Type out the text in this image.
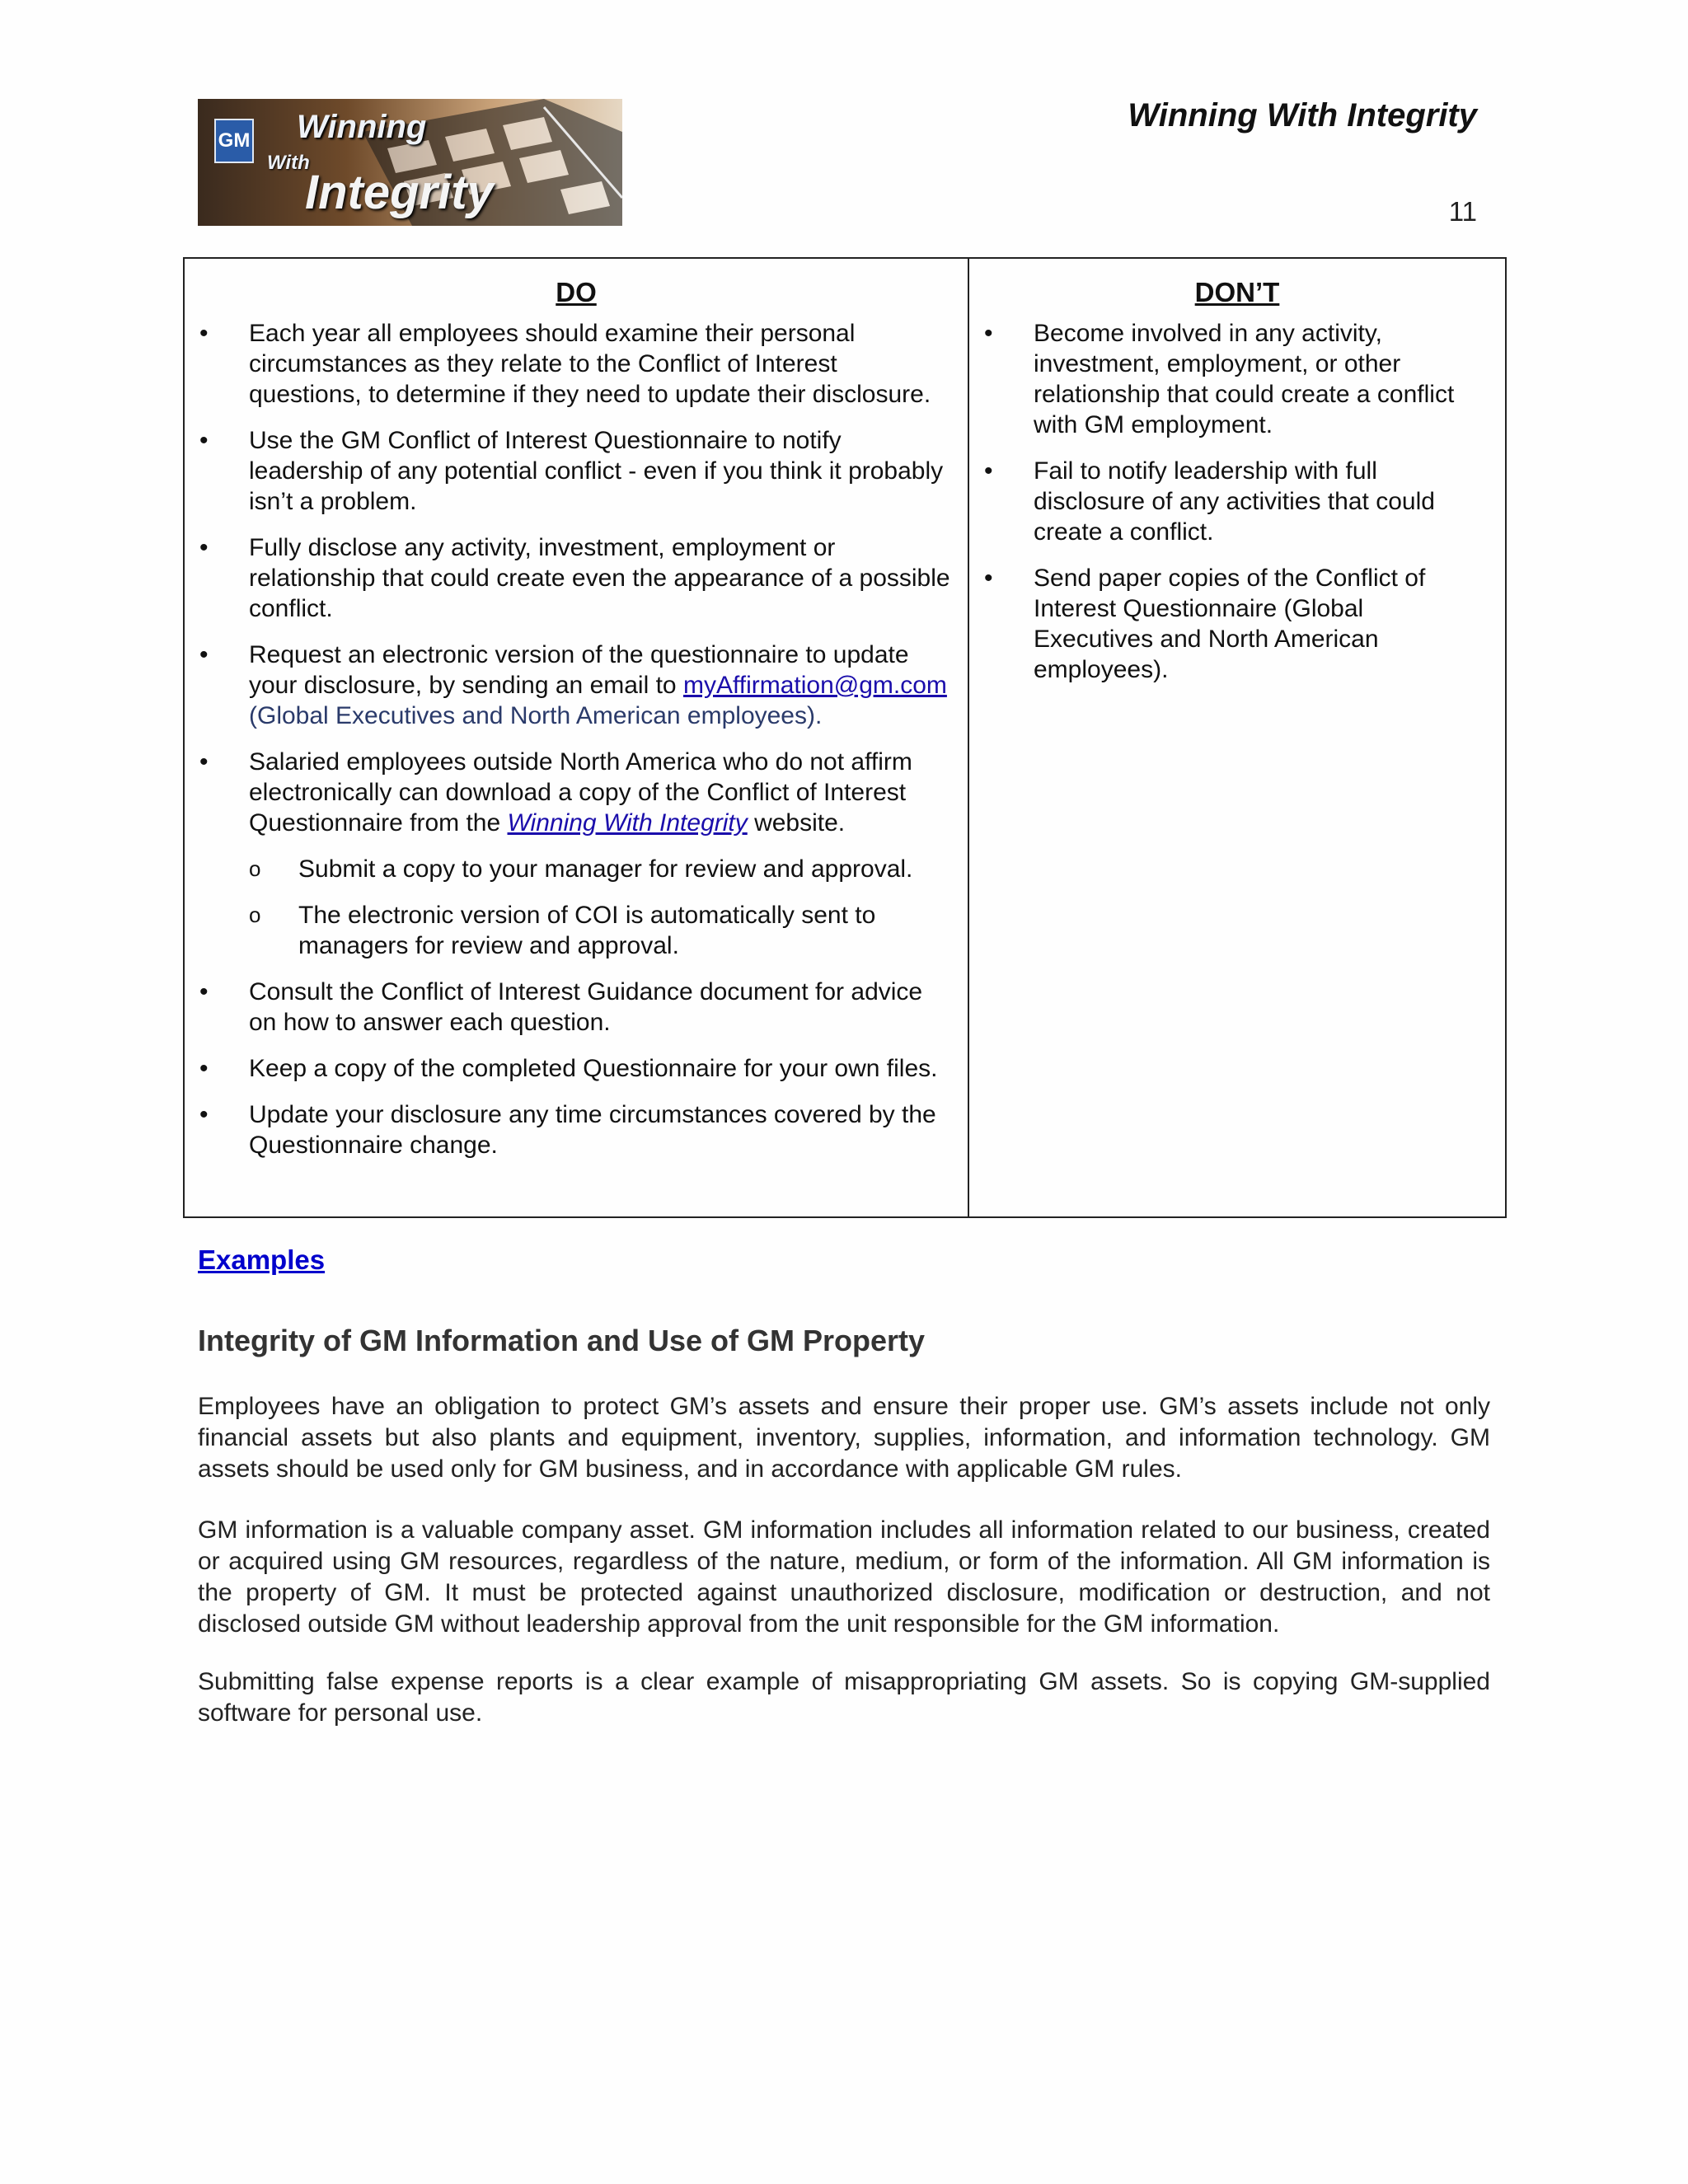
GM Winning
With
Integrity
Winning With Integrity
11
DO
• Each year all employees should examine their personal circumstances as they relate to the Conflict of Interest questions, to determine if they need to update their disclosure.
• Use the GM Conflict of Interest Questionnaire to notify leadership of any potential conflict - even if you think it probably isn’t a problem.
• Fully disclose any activity, investment, employment or relationship that could create even the appearance of a possible conflict.
• Request an electronic version of the questionnaire to update your disclosure, by sending an email to myAffirmation@gm.com (Global Executives and North American employees).
• Salaried employees outside North America who do not affirm electronically can download a copy of the Conflict of Interest Questionnaire from the Winning With Integrity website.
o Submit a copy to your manager for review and approval.
o The electronic version of COI is automatically sent to managers for review and approval.
• Consult the Conflict of Interest Guidance document for advice on how to answer each question.
• Keep a copy of the completed Questionnaire for your own files.
• Update your disclosure any time circumstances covered by the Questionnaire change.
DON’T
• Become involved in any activity, investment, employment, or other relationship that could create a conflict with GM employment.
• Fail to notify leadership with full disclosure of any activities that could create a conflict.
• Send paper copies of the Conflict of Interest Questionnaire (Global Executives and North American employees).
Examples
Integrity of GM Information and Use of GM Property
Employees have an obligation to protect GM’s assets and ensure their proper use. GM’s assets include not only financial assets but also plants and equipment, inventory, supplies, information, and information technology. GM assets should be used only for GM business, and in accordance with applicable GM rules.
GM information is a valuable company asset. GM information includes all information related to our business, created or acquired using GM resources, regardless of the nature, medium, or form of the information. All GM information is the property of GM. It must be protected against unauthorized disclosure, modification or destruction, and not disclosed outside GM without leadership approval from the unit responsible for the GM information.
Submitting false expense reports is a clear example of misappropriating GM assets. So is copying GM-supplied software for personal use.
